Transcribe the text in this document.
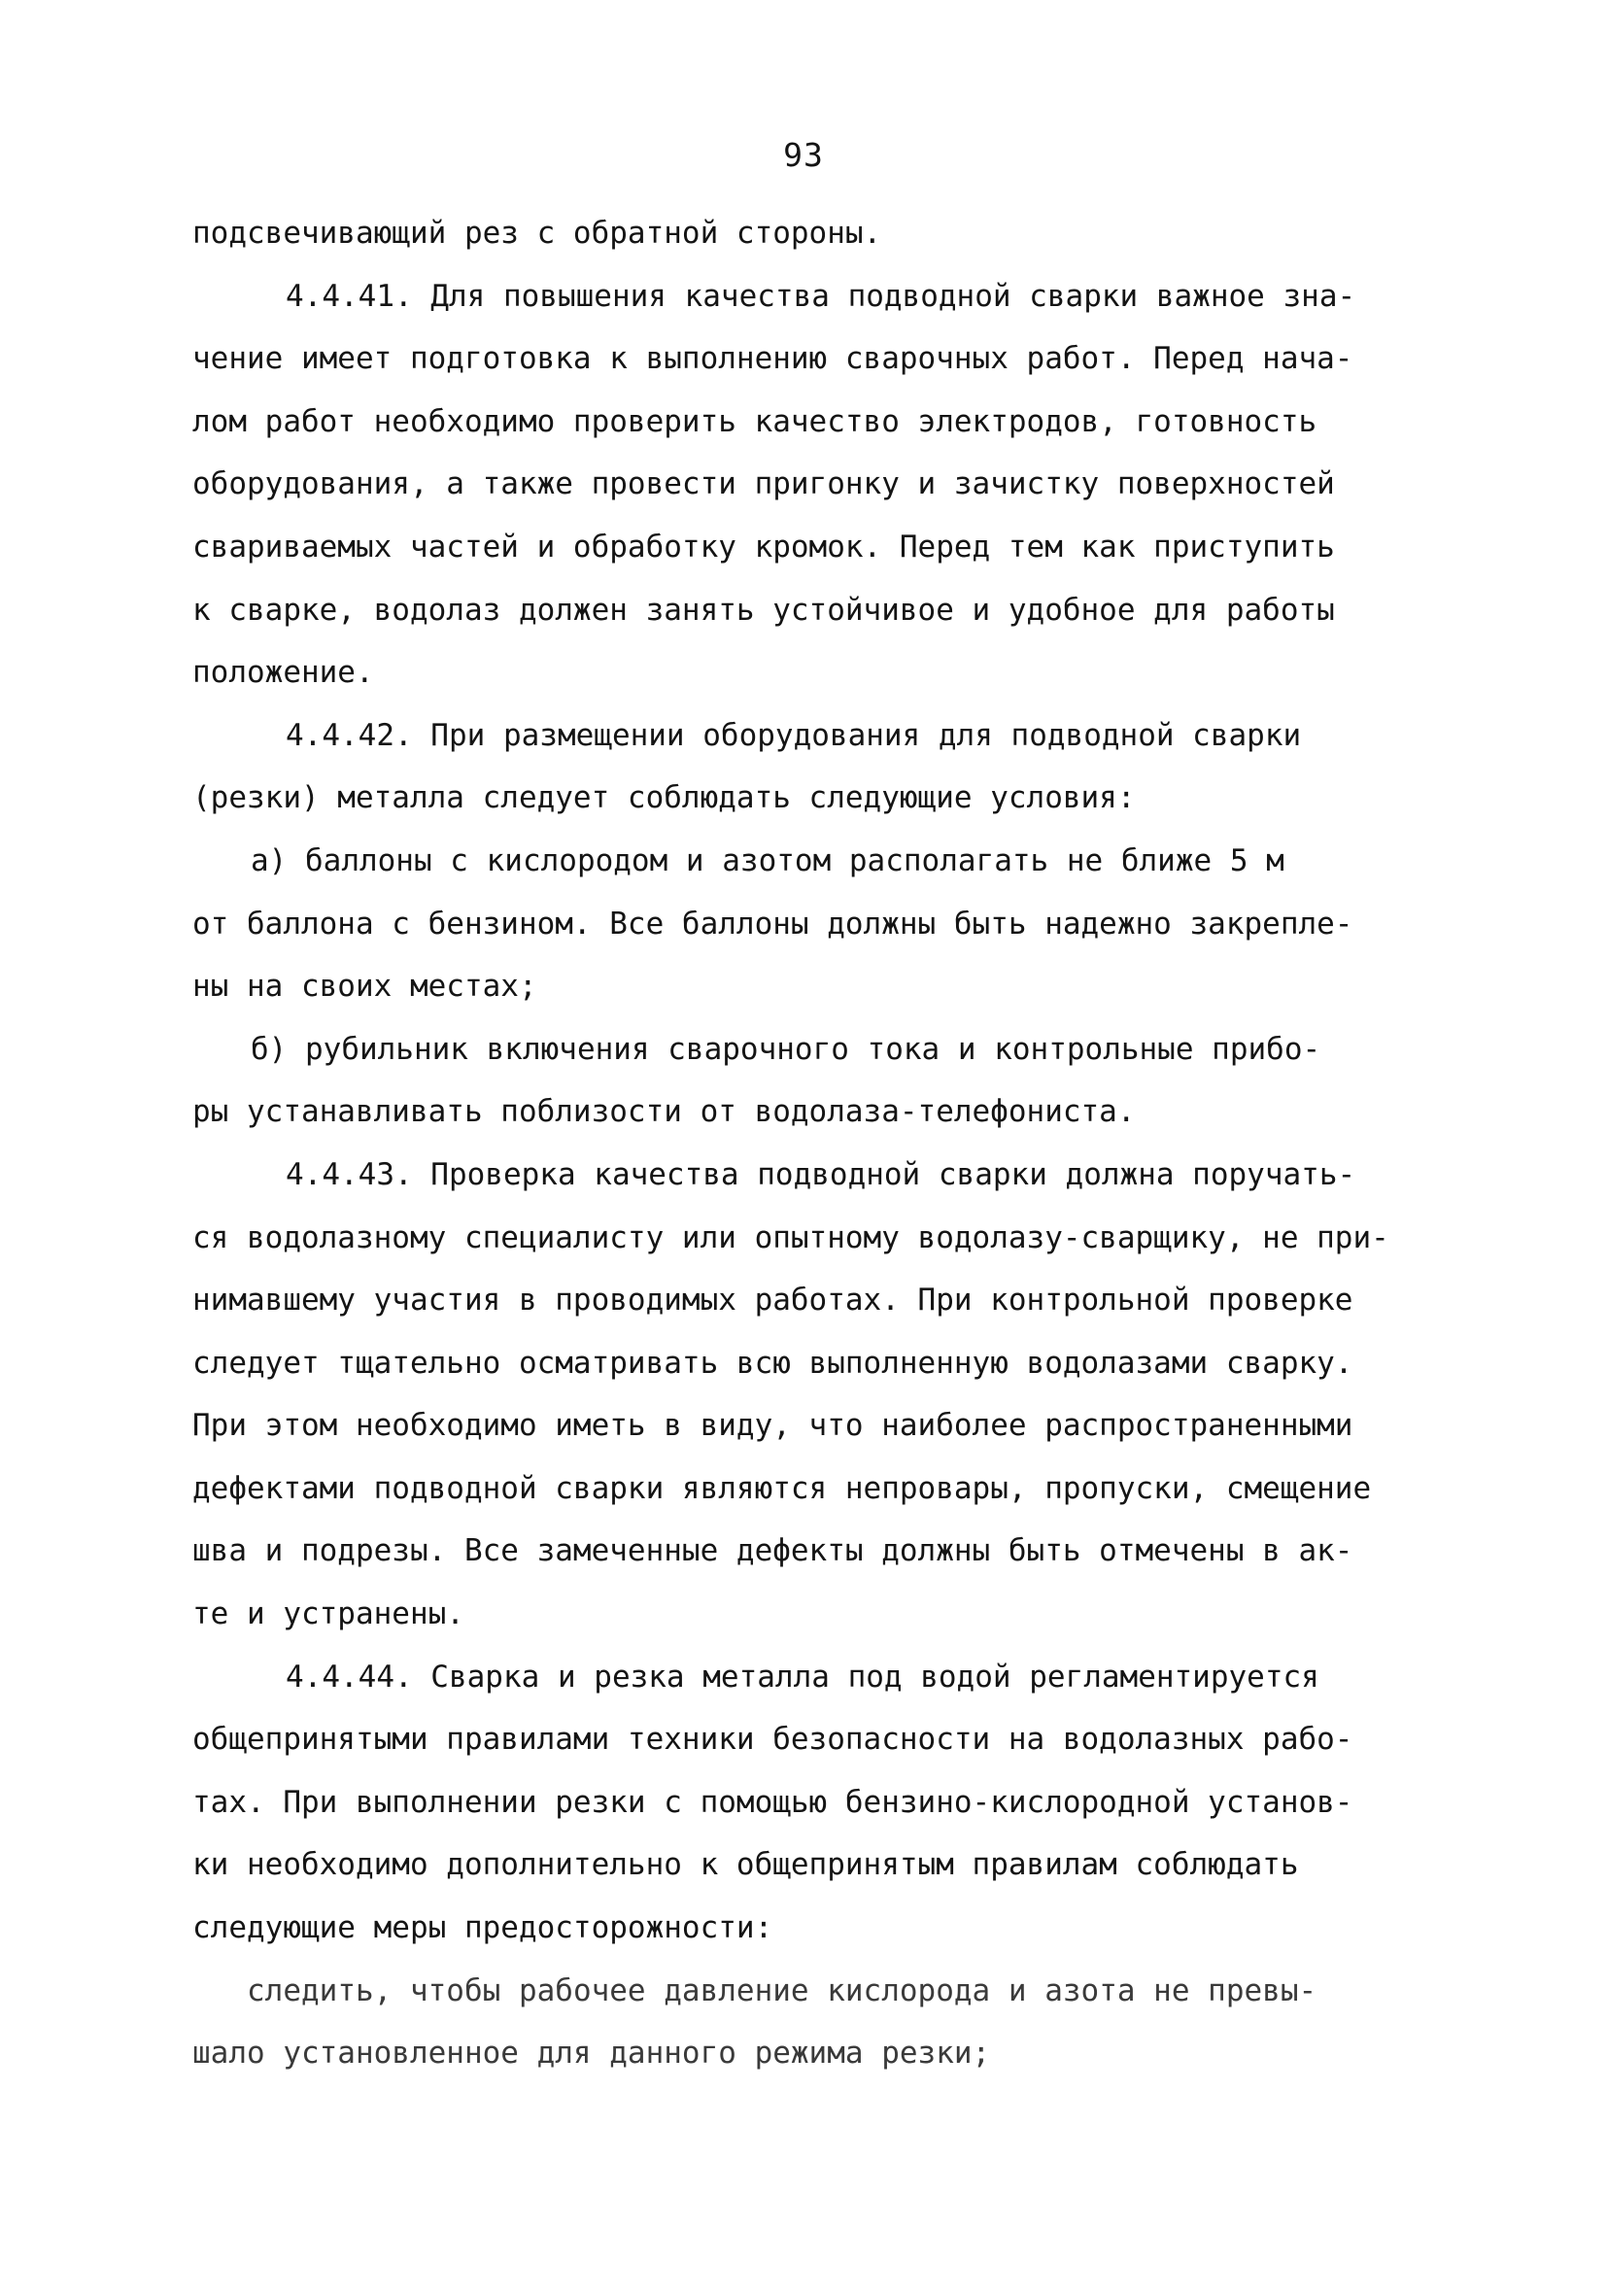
93
подсвечивающий рез с обратной стороны.
4.4.41. Для повышения качества подводной сварки важное зна-
чение имеет подготовка к выполнению сварочных работ. Перед нача-
лом работ необходимо проверить качество электродов, готовность
оборудования, а также провести пригонку и зачистку поверхностей
свариваемых частей и обработку кромок. Перед тем как приступить
к сварке, водолаз должен занять устойчивое и удобное для работы
положение.
4.4.42. При размещении оборудования для подводной сварки
(резки) металла следует соблюдать следующие условия:
а) баллоны с кислородом и азотом располагать не ближе 5 м
от баллона с бензином. Все баллоны должны быть надежно закрепле-
ны на своих местах;
б) рубильник включения сварочного тока и контрольные прибо-
ры устанавливать поблизости от водолаза-телефониста.
4.4.43. Проверка качества подводной сварки должна поручать-
ся водолазному специалисту или опытному водолазу-сварщику, не при-
нимавшему участия в проводимых работах. При контрольной проверке
следует тщательно осматривать всю выполненную водолазами сварку.
При этом необходимо иметь в виду, что наиболее распространенными
дефектами подводной сварки являются непровары, пропуски, смещение
шва и подрезы. Все замеченные дефекты должны быть отмечены в ак-
те и устранены.
4.4.44. Сварка и резка металла под водой регламентируется
общепринятыми правилами техники безопасности на водолазных рабо-
тах. При выполнении резки с помощью бензино-кислородной установ-
ки необходимо дополнительно к общепринятым правилам соблюдать
следующие меры предосторожности:
следить, чтобы рабочее давление кислорода и азота не превы-
шало установленное для данного режима резки;
